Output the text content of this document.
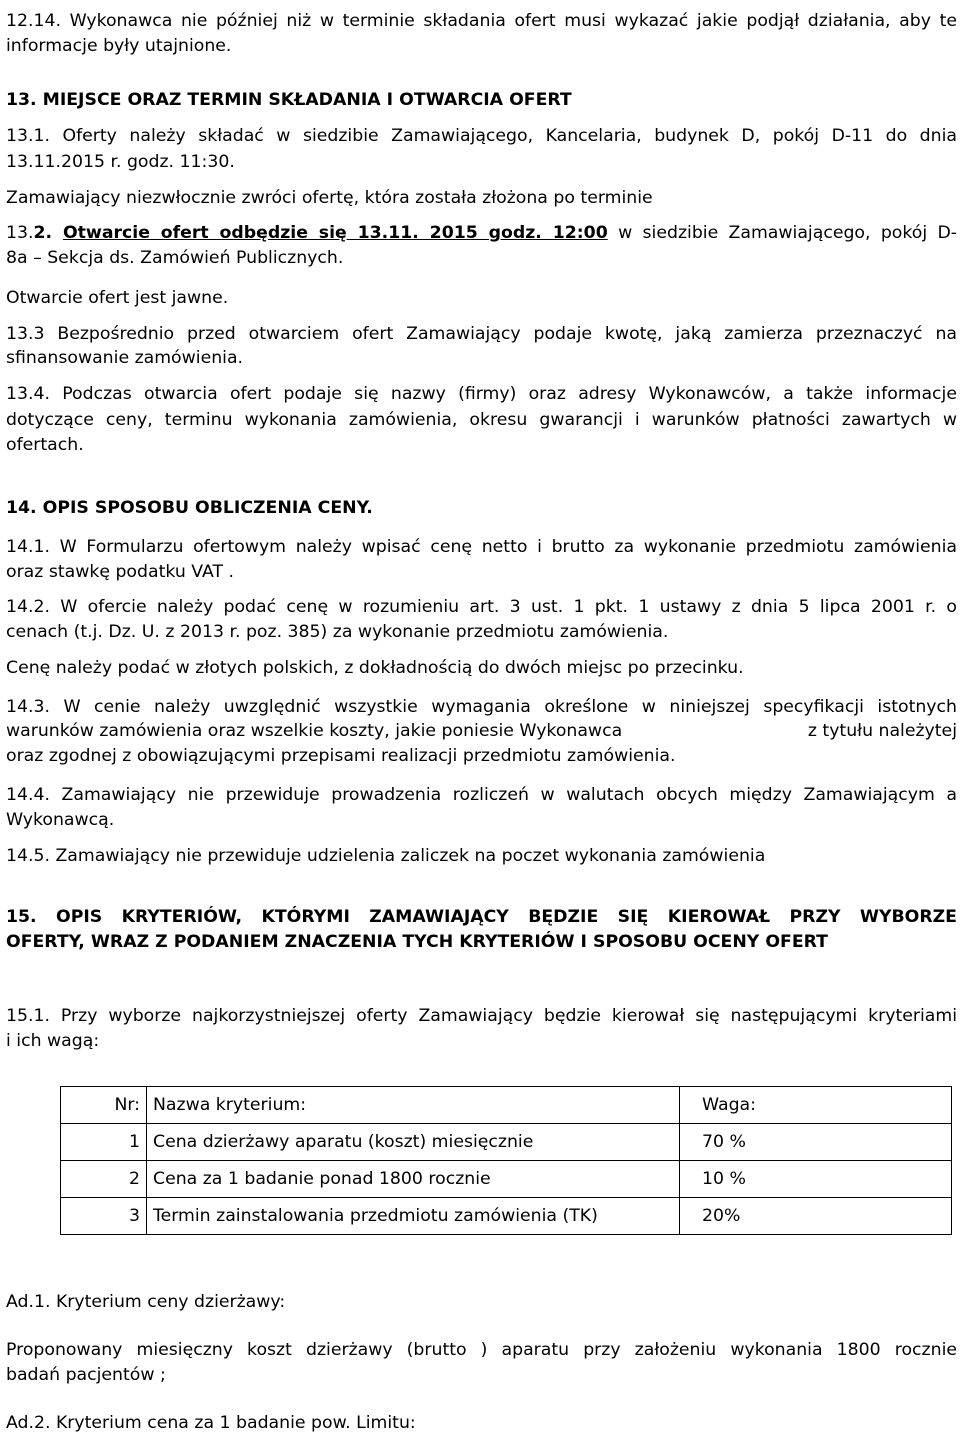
12.14. Wykonawca nie później niż w terminie składania ofert musi wykazać jakie podjął działania, aby te
informacje były utajnione.
13. MIEJSCE ORAZ TERMIN SKŁADANIA I OTWARCIA OFERT
13.1. Oferty należy składać w siedzibie Zamawiającego, Kancelaria, budynek D, pokój D-11 do dnia
13.11.2015 r. godz. 11:30.
Zamawiający niezwłocznie zwróci ofertę, która została złożona po terminie
13.2. Otwarcie ofert odbędzie się 13.11. 2015 godz. 12:00 w siedzibie Zamawiającego, pokój D-
8a – Sekcja ds. Zamówień Publicznych.
Otwarcie ofert jest jawne.
13.3 Bezpośrednio przed otwarciem ofert Zamawiający podaje kwotę, jaką zamierza przeznaczyć na
sfinansowanie zamówienia.
13.4. Podczas otwarcia ofert podaje się nazwy (firmy) oraz adresy Wykonawców, a także informacje
dotyczące ceny, terminu wykonania zamówienia, okresu gwarancji i warunków płatności zawartych w
ofertach.
14. OPIS SPOSOBU OBLICZENIA CENY.
14.1. W Formularzu ofertowym należy wpisać cenę netto i brutto za wykonanie przedmiotu zamówienia
oraz stawkę podatku VAT .
14.2. W ofercie należy podać cenę w rozumieniu art. 3 ust. 1 pkt. 1 ustawy z dnia 5 lipca 2001 r. o
cenach (t.j. Dz. U. z 2013 r. poz. 385) za wykonanie przedmiotu zamówienia.
Cenę należy podać w złotych polskich, z dokładnością do dwóch miejsc po przecinku.
14.3. W cenie należy uwzględnić wszystkie wymagania określone w niniejszej specyfikacji istotnych
warunków zamówienia oraz wszelkie koszty, jakie poniesie Wykonawca	z tytułu należytej
oraz zgodnej z obowiązującymi przepisami realizacji przedmiotu zamówienia.
14.4. Zamawiający nie przewiduje prowadzenia rozliczeń w walutach obcych między Zamawiającym a
Wykonawcą.
14.5. Zamawiający nie przewiduje udzielenia zaliczek na poczet wykonania zamówienia
15. OPIS KRYTERIÓW, KTÓRYMI ZAMAWIAJĄCY BĘDZIE SIĘ KIEROWAŁ PRZY WYBORZE
OFERTY, WRAZ Z PODANIEM ZNACZENIA TYCH KRYTERIÓW I SPOSOBU OCENY OFERT
15.1. Przy wyborze najkorzystniejszej oferty Zamawiający będzie kierował się następującymi kryteriami
i ich wagą:
Nr:	Nazwa kryterium:	Waga:
1	Cena dzierżawy aparatu (koszt) miesięcznie	70 %
2	Cena za 1 badanie ponad 1800 rocznie	10 %
3	Termin zainstalowania przedmiotu zamówienia (TK)	20%
Ad.1. Kryterium ceny dzierżawy:
Proponowany miesięczny koszt dzierżawy (brutto ) aparatu przy założeniu wykonania 1800 rocznie
badań pacjentów ;
Ad.2. Kryterium cena za 1 badanie pow. Limitu:
